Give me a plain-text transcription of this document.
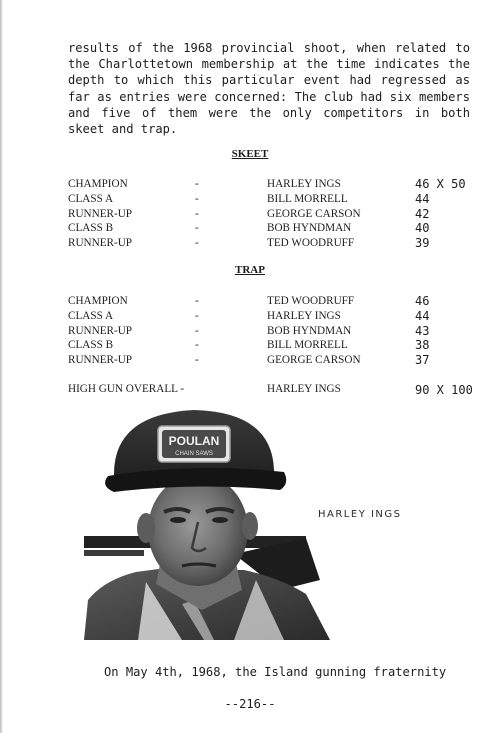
results of the 1968 provincial shoot, when related to the Charlottetown membership at the time indicates the depth to which this particular event had regressed as far as entries were concerned: The club had six members and five of them were the only competitors in both skeet and trap.

SKEET
CHAMPION	-	HARLEY INGS	46 X 50
CLASS A	-	BILL MORRELL	44
RUNNER-UP	-	GEORGE CARSON	42
CLASS B	-	BOB HYNDMAN	40
RUNNER-UP	-	TED WOODRUFF	39
TRAP
CHAMPION	-	TED WOODRUFF	46
CLASS A	-	HARLEY INGS	44
RUNNER-UP	-	BOB HYNDMAN	43
CLASS B	-	BILL MORRELL	38
RUNNER-UP	-	GEORGE CARSON	37
HIGH GUN OVERALL -	HARLEY INGS	90 X 100
POULAN
CHAIN SAWS
HARLEY INGS
On May 4th, 1968, the Island gunning fraternity
--216--
